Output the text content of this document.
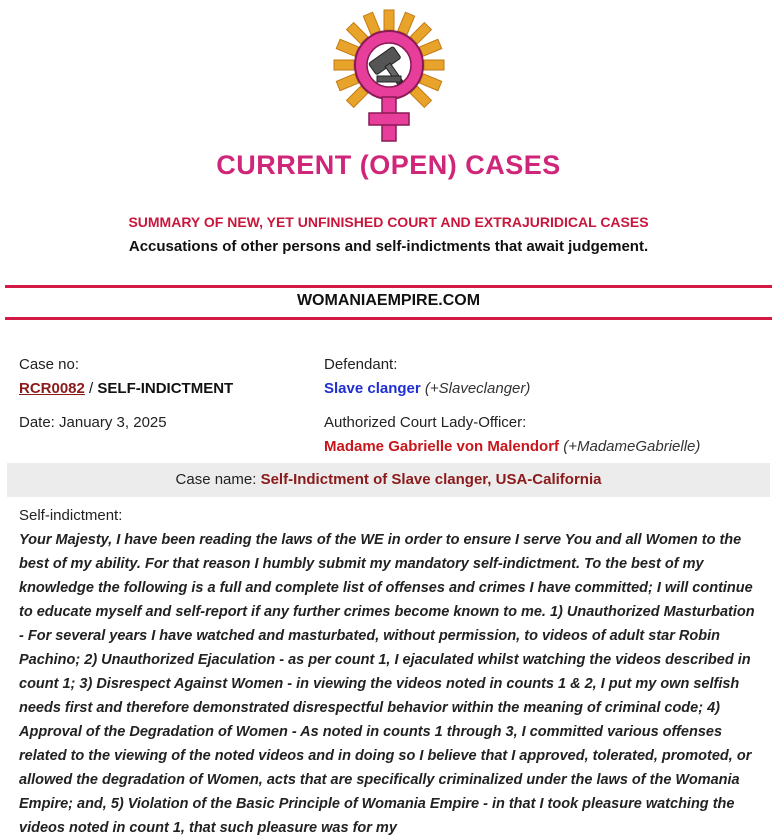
CURRENT (OPEN) CASES
SUMMARY OF NEW, YET UNFINISHED COURT AND EXTRAJURIDICAL CASES
Accusations of other persons and self-indictments that await judgement.
WOMANIAEMPIRE.COM
Case no:
RCR0082 / SELF-INDICTMENT
Date: January 3, 2025
Defendant:
Slave clanger (+Slaveclanger)
Authorized Court Lady-Officer:
Madame Gabrielle von Malendorf (+MadameGabrielle)
Case name: Self-Indictment of Slave clanger, USA-California
Self-indictment:
Your Majesty, I have been reading the laws of the WE in order to ensure I serve You and all Women to the best of my ability. For that reason I humbly submit my mandatory self-indictment. To the best of my knowledge the following is a full and complete list of offenses and crimes I have committed; I will continue to educate myself and self-report if any further crimes become known to me. 1) Unauthorized Masturbation - For several years I have watched and masturbated, without permission, to videos of adult star Robin Pachino; 2) Unauthorized Ejaculation - as per count 1, I ejaculated whilst watching the videos described in count 1; 3) Disrespect Against Women - in viewing the videos noted in counts 1 & 2, I put my own selfish needs first and therefore demonstrated disrespectful behavior within the meaning of criminal code; 4) Approval of the Degradation of Women - As noted in counts 1 through 3, I committed various offenses related to the viewing of the noted videos and in doing so I believe that I approved, tolerated, promoted, or allowed the degradation of Women, acts that are specifically criminalized under the laws of the Womania Empire; and, 5) Violation of the Basic Principle of Womania Empire - in that I took pleasure watching the videos noted in count 1, that such pleasure was for my
